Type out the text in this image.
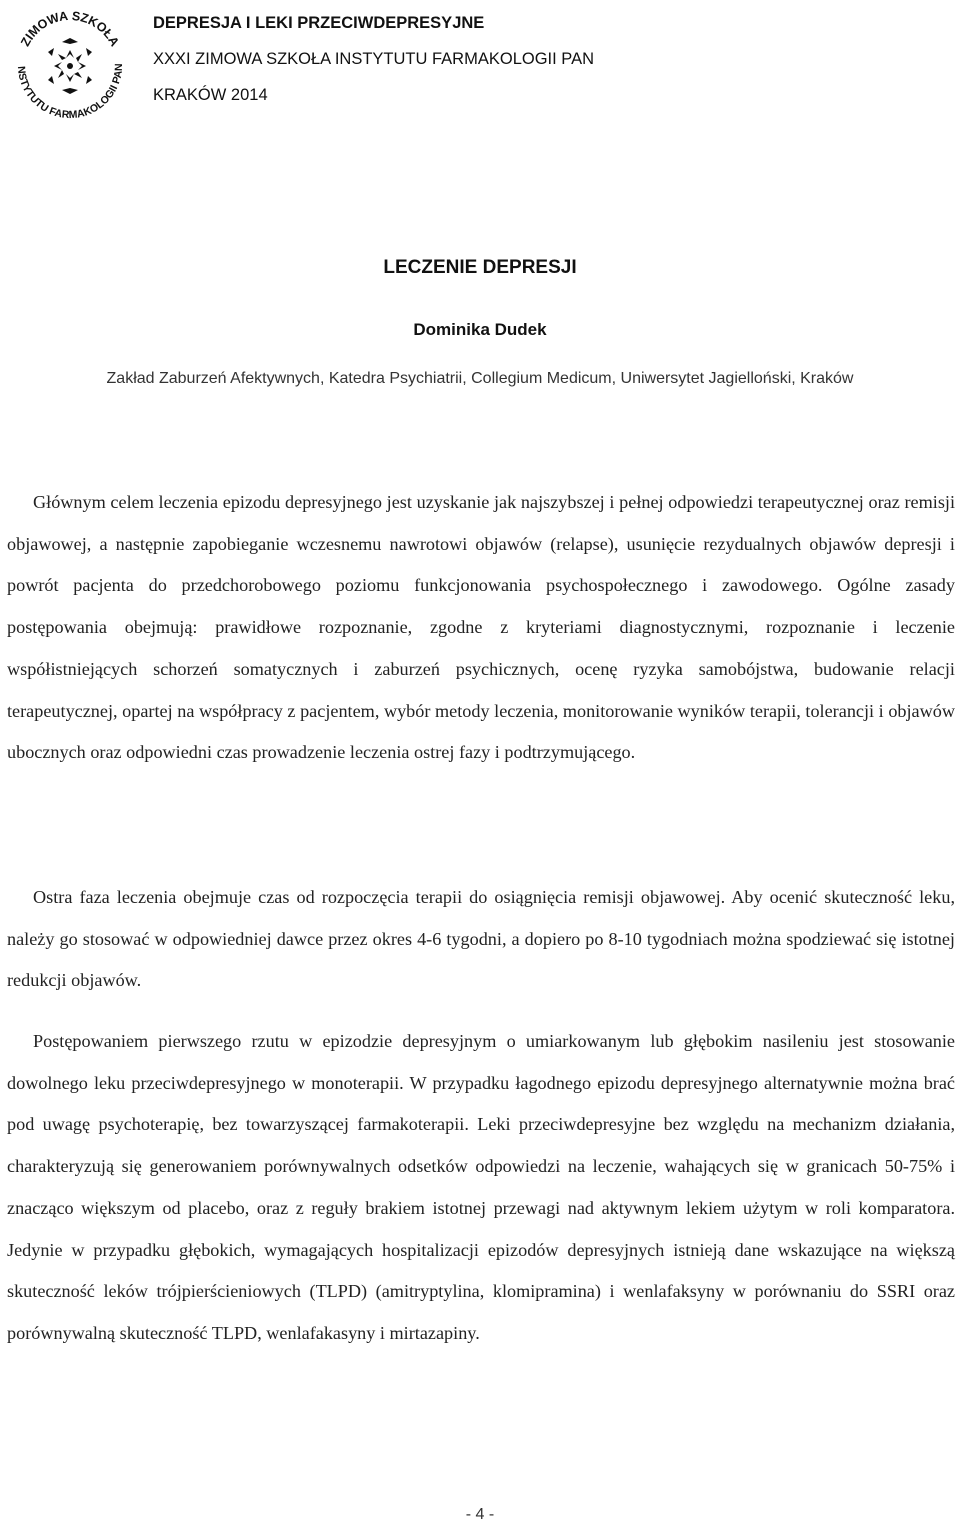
ZIMOWA SZKOŁA
NSTYTUTU FARMAKOLOGII PAN
DEPRESJA I LEKI PRZECIWDEPRESYJNE
XXXI ZIMOWA SZKOŁA INSTYTUTU FARMAKOLOGII PAN
KRAKÓW 2014
LECZENIE DEPRESJI
Dominika Dudek
Zakład Zaburzeń Afektywnych, Katedra Psychiatrii, Collegium Medicum, Uniwersytet Jagielloński, Kraków

Głównym celem leczenia epizodu depresyjnego jest uzyskanie jak najszybszej i pełnej odpowiedzi terapeutycznej oraz remisji objawowej, a następnie zapobieganie wczesnemu nawrotowi objawów (relapse), usunięcie rezydualnych objawów depresji i powrót pacjenta do przedchorobowego poziomu funkcjonowania psychospołecznego i zawodowego. Ogólne zasady postępowania obejmują: prawidłowe rozpoznanie, zgodne z kryteriami diagnostycznymi, rozpoznanie i leczenie współistniejących schorzeń somatycznych i zaburzeń psychicznych, ocenę ryzyka samobójstwa, budowanie relacji terapeutycznej, opartej na współpracy z pacjentem, wybór metody leczenia, monitorowanie wyników terapii, tolerancji i objawów ubocznych oraz odpowiedni czas prowadzenie leczenia ostrej fazy i podtrzymującego.

Ostra faza leczenia obejmuje czas od rozpoczęcia terapii do osiągnięcia remisji objawowej. Aby ocenić skuteczność leku, należy go stosować w odpowiedniej dawce przez okres 4-6 tygodni, a dopiero po 8-10 tygodniach można spodziewać się istotnej redukcji objawów.

Postępowaniem pierwszego rzutu w epizodzie depresyjnym o umiarkowanym lub głębokim nasileniu jest stosowanie dowolnego leku przeciwdepresyjnego w monoterapii. W przypadku łagodnego epizodu depresyjnego alternatywnie można brać pod uwagę psychoterapię, bez towarzyszącej farmakoterapii. Leki przeciwdepresyjne bez względu na mechanizm działania, charakteryzują się generowaniem porównywalnych odsetków odpowiedzi na leczenie, wahających się w granicach 50-75% i znacząco większym od placebo, oraz z reguły brakiem istotnej przewagi nad aktywnym lekiem użytym w roli komparatora. Jedynie w przypadku głębokich, wymagających hospitalizacji epizodów depresyjnych istnieją dane wskazujące na większą skuteczność leków trójpierścieniowych (TLPD) (amitryptylina, klomipramina) i wenlafaksyny w porównaniu do SSRI oraz porównywalną skuteczność TLPD, wenlafakasyny i mirtazapiny.

- 4 -
